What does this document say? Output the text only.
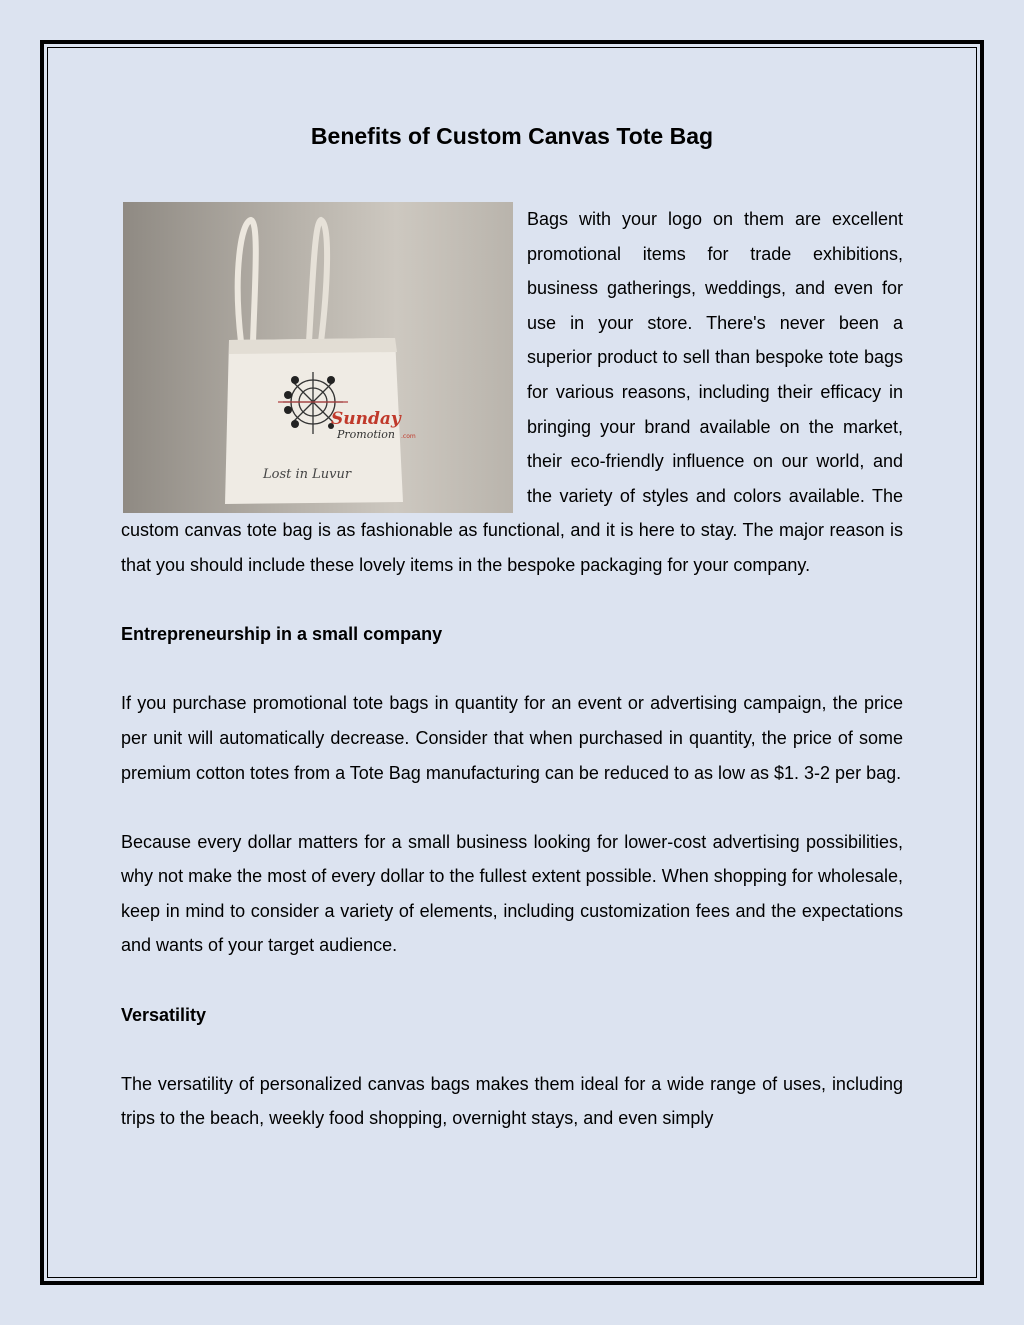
Benefits of Custom Canvas Tote Bag
Sunday
Promotion .com
Lost in Luvur

Bags with your logo on them are excellent promotional items for trade exhibitions, business gatherings, weddings, and even for use in your store. There's never been a superior product to sell than bespoke tote bags for various reasons, including their efficacy in bringing your brand available on the market, their eco-friendly influence on our world, and the variety of styles and colors available. The custom canvas tote bag is as fashionable as functional, and it is here to stay. The major reason is that you should include these lovely items in the bespoke packaging for your company.

Entrepreneurship in a small company

If you purchase promotional tote bags in quantity for an event or advertising campaign, the price per unit will automatically decrease. Consider that when purchased in quantity, the price of some premium cotton totes from a Tote Bag manufacturing can be reduced to as low as $1. 3-2 per bag.

Because every dollar matters for a small business looking for lower-cost advertising possibilities, why not make the most of every dollar to the fullest extent possible. When shopping for wholesale, keep in mind to consider a variety of elements, including customization fees and the expectations and wants of your target audience.

Versatility

The versatility of personalized canvas bags makes them ideal for a wide range of uses, including trips to the beach, weekly food shopping, overnight stays, and even simply
